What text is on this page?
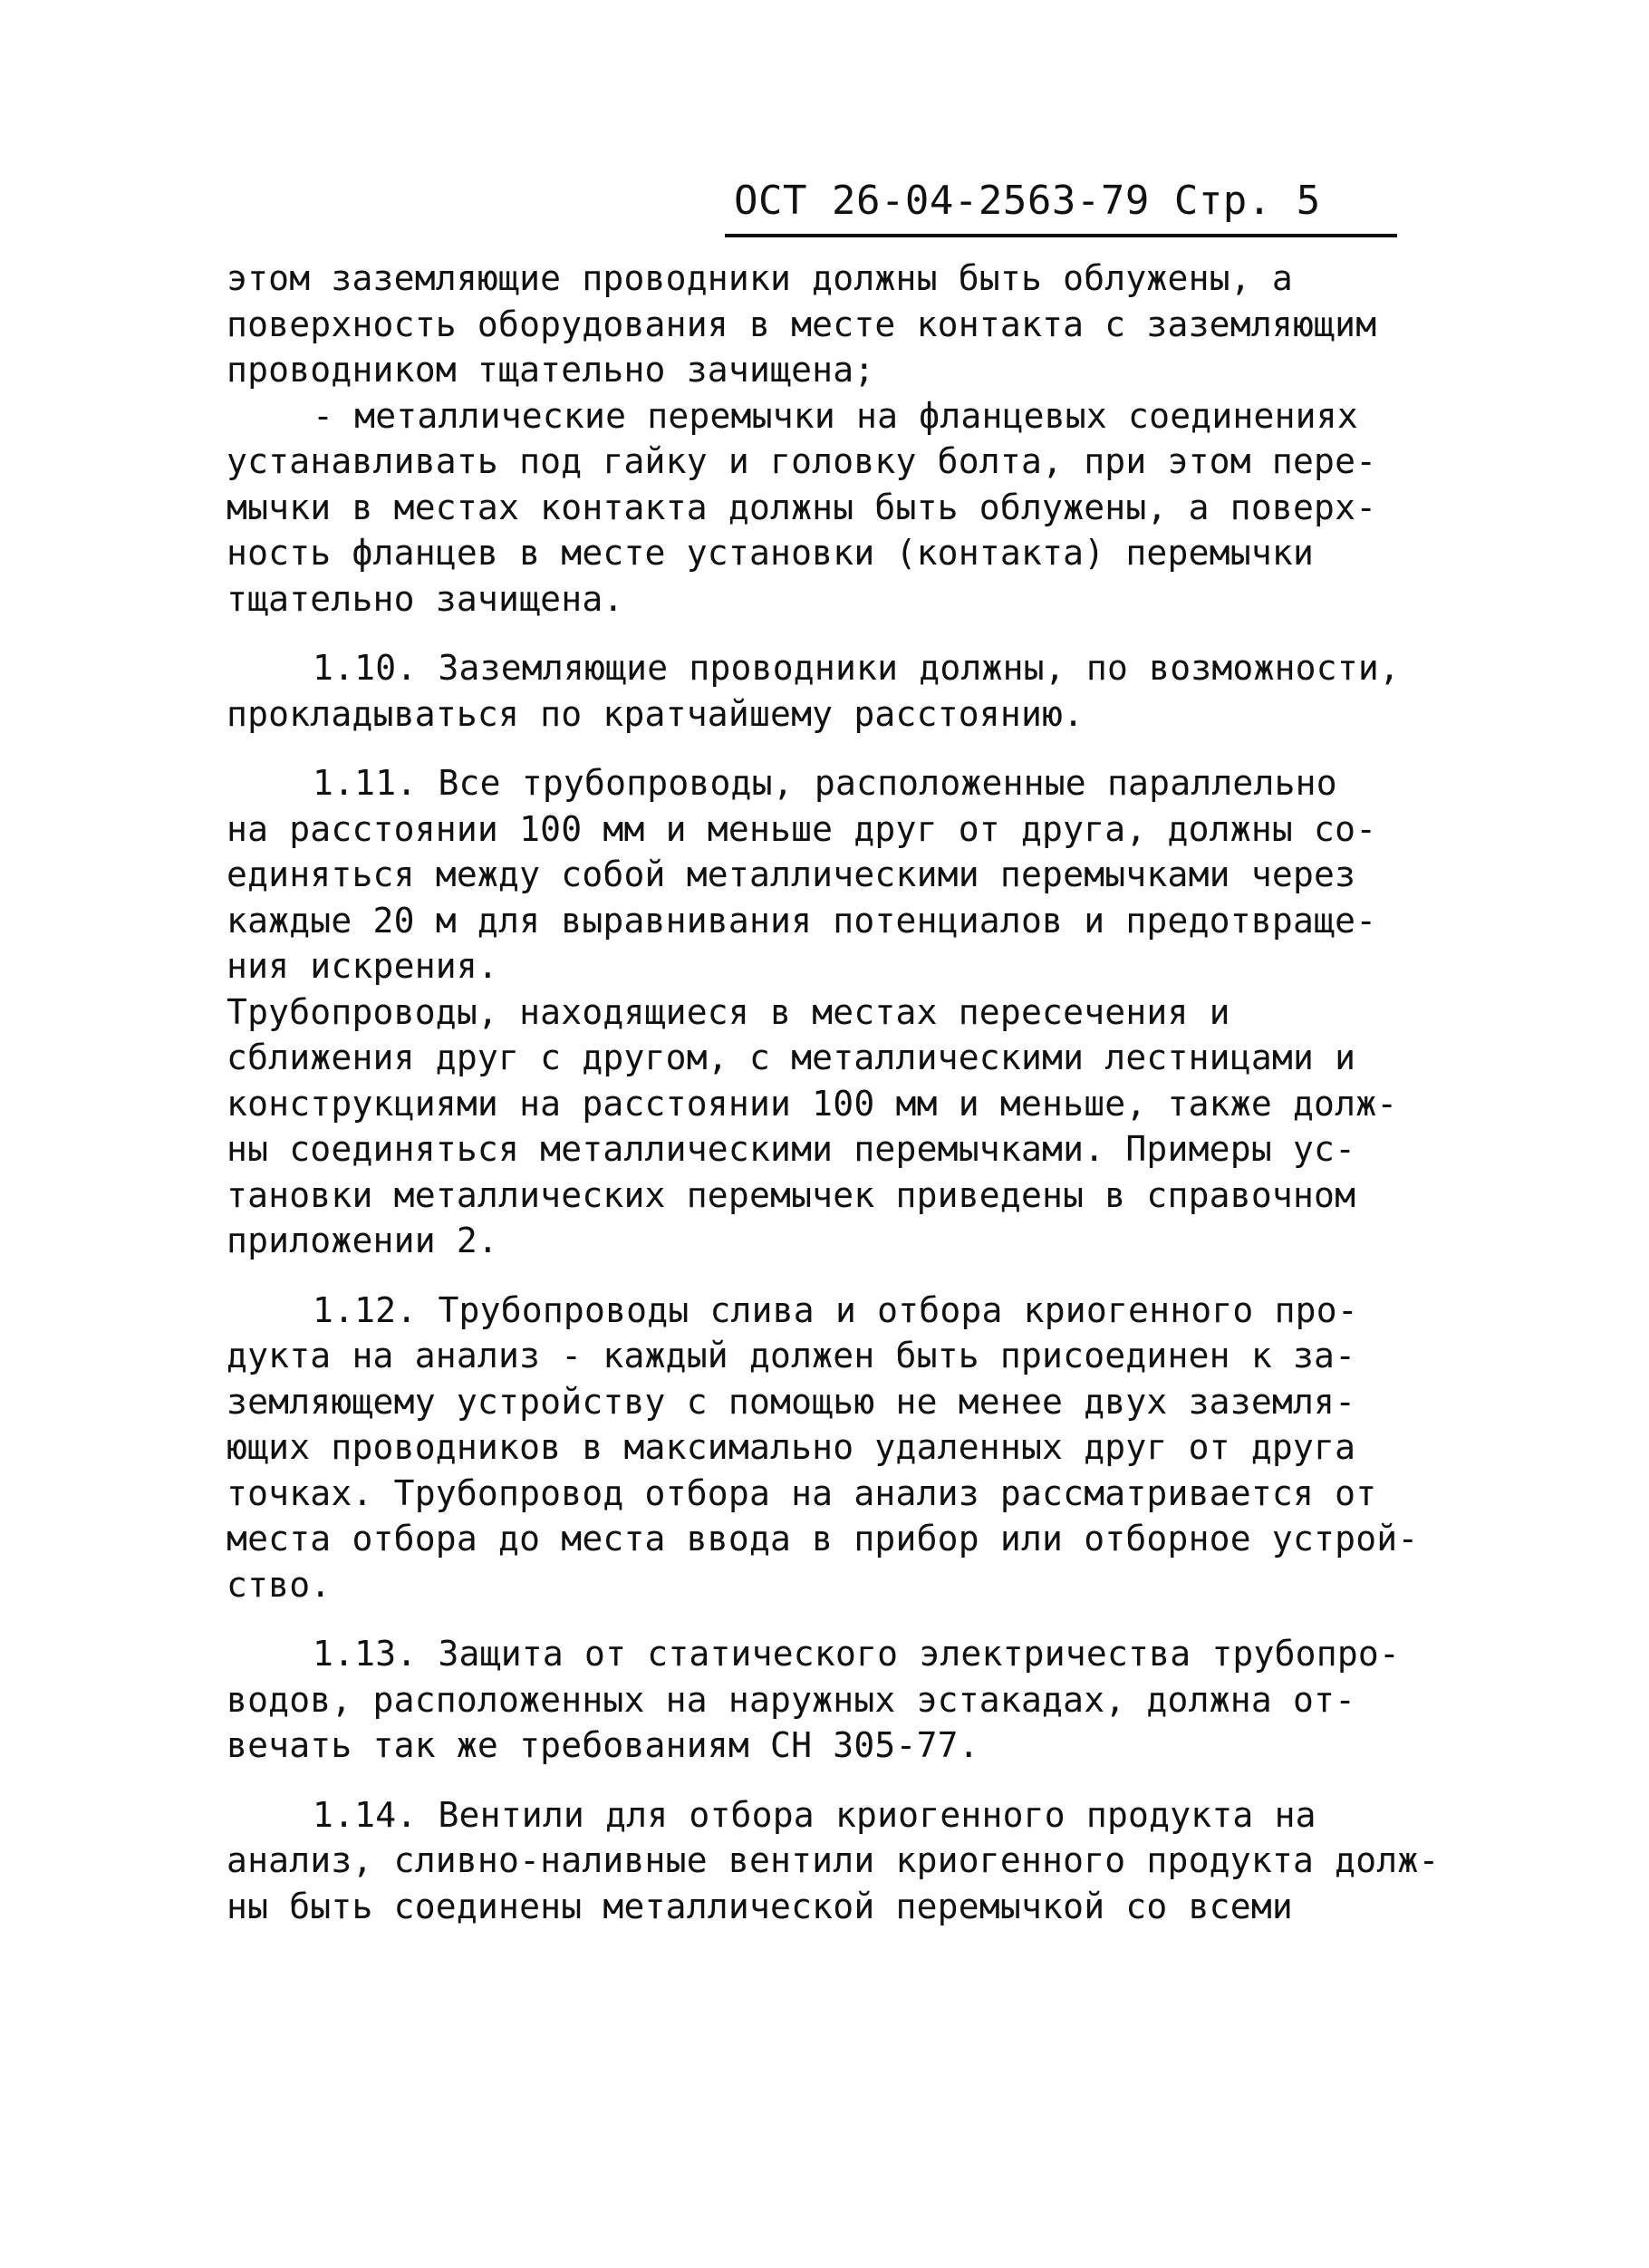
ОСТ 26-04-2563-79 Стр. 5
этом заземляющие проводники должны быть облужены, а
поверхность оборудования в месте контакта с заземляющим
проводником тщательно зачищена;
- металлические перемычки на фланцевых соединениях
устанавливать под гайку и головку болта, при этом пере-
мычки в местах контакта должны быть облужены, а поверх-
ность фланцев в месте установки (контакта) перемычки
тщательно зачищена.
1.10. Заземляющие проводники должны, по возможности,
прокладываться по кратчайшему расстоянию.
1.11. Все трубопроводы, расположенные параллельно
на расстоянии 100 мм и меньше друг от друга, должны со-
единяться между собой металлическими перемычками через
каждые 20 м для выравнивания потенциалов и предотвраще-
ния искрения.
Трубопроводы, находящиеся в местах пересечения и
сближения друг с другом, с металлическими лестницами и
конструкциями на расстоянии 100 мм и меньше, также долж-
ны соединяться металлическими перемычками. Примеры ус-
тановки металлических перемычек приведены в справочном
приложении 2.
1.12. Трубопроводы слива и отбора криогенного про-
дукта на анализ - каждый должен быть присоединен к за-
земляющему устройству с помощью не менее двух заземля-
ющих проводников в максимально удаленных друг от друга
точках. Трубопровод отбора на анализ рассматривается от
места отбора до места ввода в прибор или отборное устрой-
ство.
1.13. Защита от статического электричества трубопро-
водов, расположенных на наружных эстакадах, должна от-
вечать так же требованиям СН 305-77.
1.14. Вентили для отбора криогенного продукта на
анализ, сливно-наливные вентили криогенного продукта долж-
ны быть соединены металлической перемычкой со всеми
